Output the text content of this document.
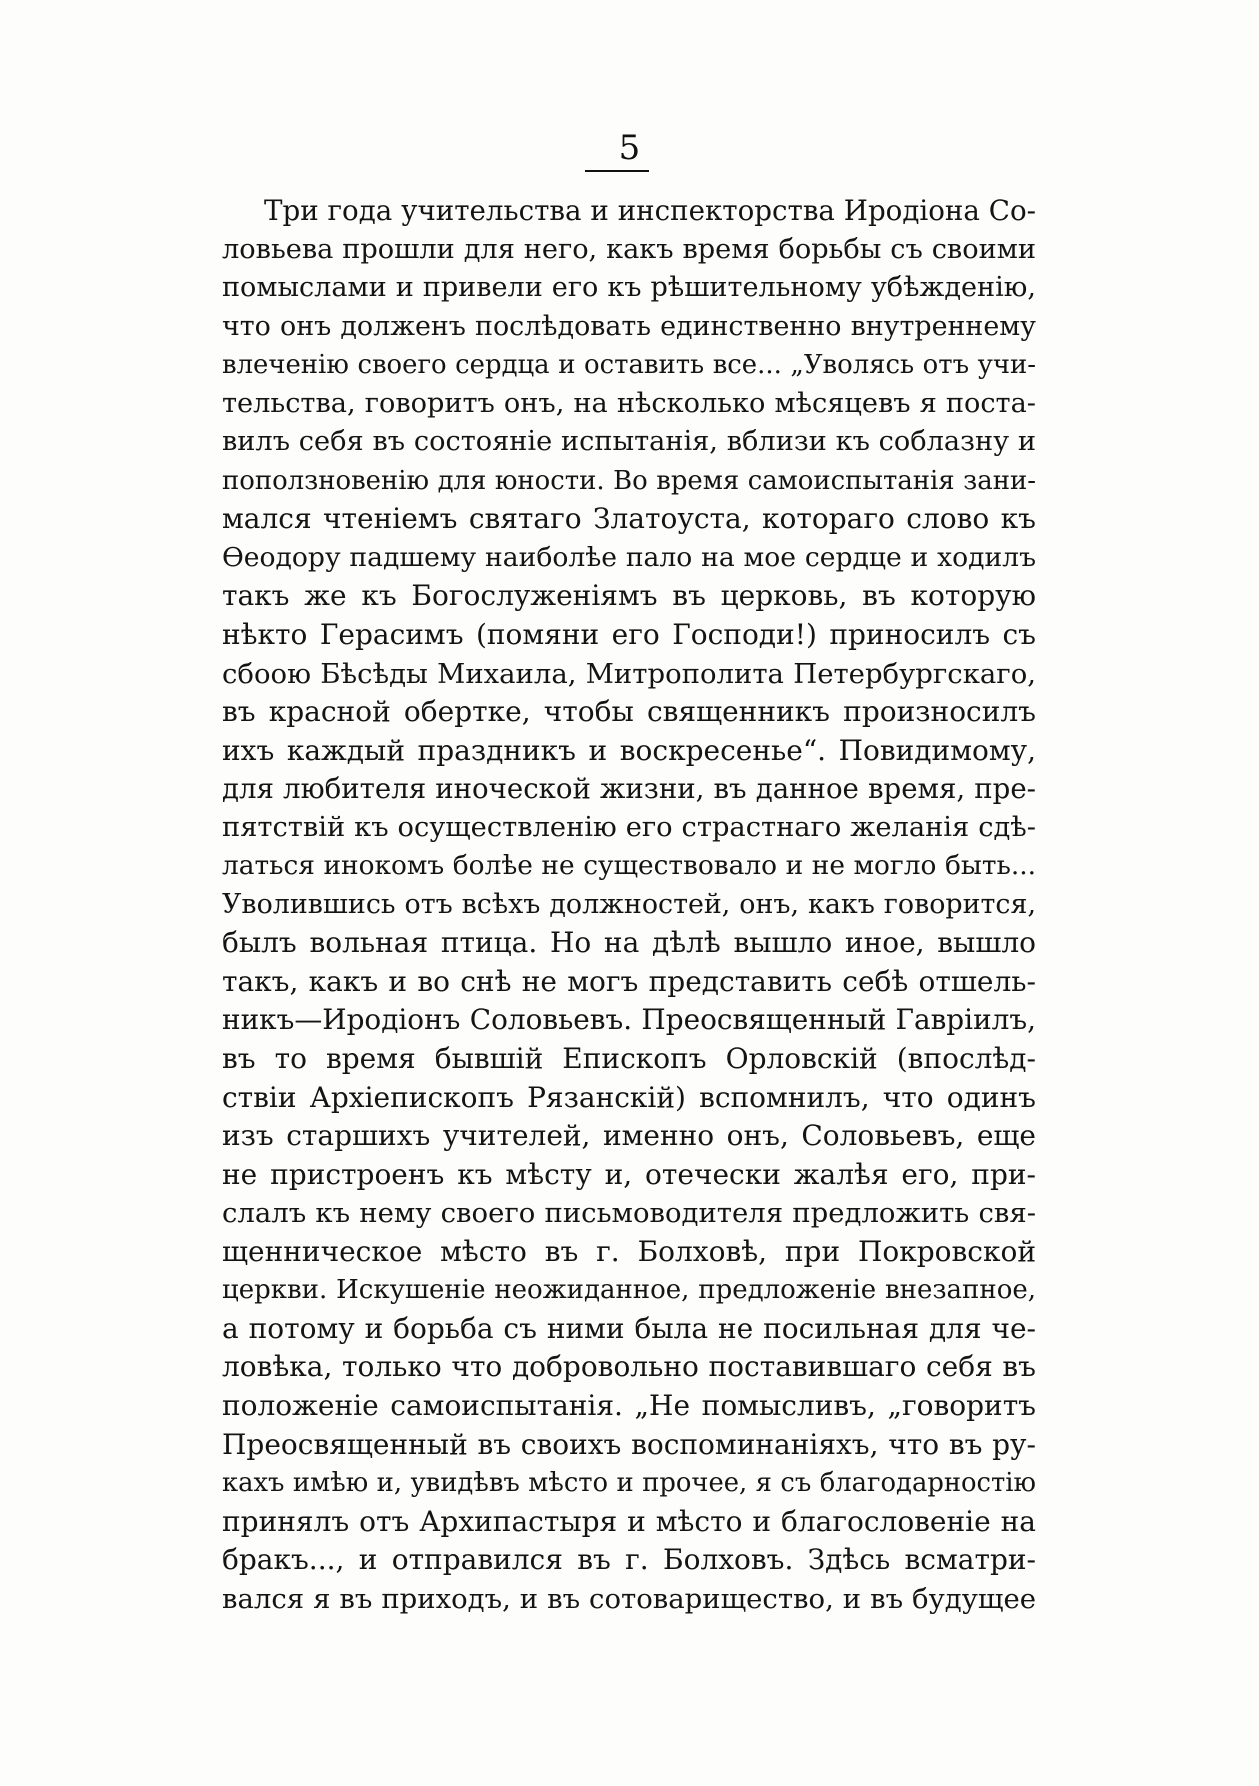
5
Три года учительства и инспекторства Иродіона Со-
ловьева прошли для него, какъ время борьбы съ своими
помыслами и привели его къ рѣшительному убѣжденію,
что онъ долженъ послѣдовать единственно внутреннему
влеченію своего сердца и оставить все... „Уволясь отъ учи-
тельства, говоритъ онъ, на нѣсколько мѣсяцевъ я поста-
вилъ себя въ состояніе испытанія, вблизи къ соблазну и
поползновенію для юности. Во время самоиспытанія зани-
мался чтеніемъ святаго Златоуста, котораго слово къ
Ѳеодору падшему наиболѣе пало на мое сердце и ходилъ
такъ же къ Богослуженіямъ въ церковь, въ которую
нѣкто Герасимъ (помяни его Господи!) приносилъ съ
сбоою Бѣсѣды Михаила, Митрополита Петербургскаго,
въ красной обертке, чтобы священникъ произносилъ
ихъ каждый праздникъ и воскресенье“. Повидимому,
для любителя иноческой жизни, въ данное время, пре-
пятствій къ осуществленію его страстнаго желанія сдѣ-
латься инокомъ болѣе не существовало и не могло быть...
Уволившись отъ всѣхъ должностей, онъ, какъ говорится,
былъ вольная птица. Но на дѣлѣ вышло иное, вышло
такъ, какъ и во снѣ не могъ представить себѣ отшель-
никъ—Иродіонъ Соловьевъ. Преосвященный Гавріилъ,
въ то время бывшій Епископъ Орловскій (впослѣд-
ствіи Архіепископъ Рязанскій) вспомнилъ, что одинъ
изъ старшихъ учителей, именно онъ, Соловьевъ, еще
не пристроенъ къ мѣсту и, отечески жалѣя его, при-
слалъ къ нему своего письмоводителя предложить свя-
щенническое мѣсто въ г. Болховѣ, при Покровской
церкви. Искушеніе неожиданное, предложеніе внезапное,
а потому и борьба съ ними была не посильная для че-
ловѣка, только что добровольно поставившаго себя въ
положеніе самоиспытанія. „Не помысливъ, „говоритъ
Преосвященный въ своихъ воспоминаніяхъ, что въ ру-
кахъ имѣю и, увидѣвъ мѣсто и прочее, я съ благодарностію
принялъ отъ Архипастыря и мѣсто и благословеніе на
бракъ..., и отправился въ г. Болховъ. Здѣсь всматри-
вался я въ приходъ, и въ сотоварищество, и въ будущее
